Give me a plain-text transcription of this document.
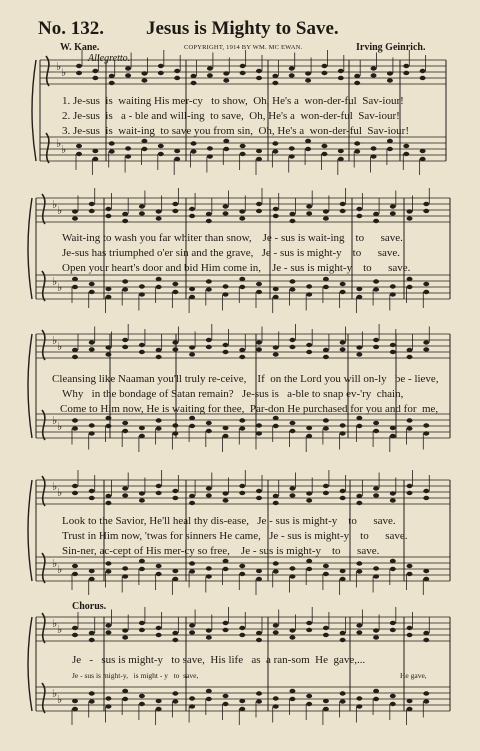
♭ ♭
♭ ♭
♭ ♭
♭ ♭
♭ ♭
♭ ♭
♭ ♭
♭ ♭
♭ ♭
♭ ♭
No. 132. Jesus is Mighty to Save.
W. Kane.	COPYRIGHT, 1914 BY WM. MC EWAN.	Irving Geinrich.
Allegretto.
1. Je-sus  is  waiting His mer-cy   to show,  Oh, He's a  won-der-ful  Sav-iour!
2. Je-sus  is   a - ble and will-ing  to save,  Oh, He's a  won-der-ful  Sav-iour!
3. Je-sus  is  wait-ing  to save you from sin,  Oh, He's a  won-der-ful  Sav-iour!
Wait-ing to wash you far whiter than snow,    Je - sus is wait-ing    to      save.
Je-sus has triumphed o'er sin and the grave,   Je - sus is might-y    to      save.
Open your heart's door and bid Him come in,    Je - sus is might-y    to      save.
Cleansing like Naaman you'll truly re-ceive,    If  on the Lord you will on-ly   be - lieve,
Why   in the bondage of Satan remain?   Je-sus is   a-ble to snap ev-'ry  chain,
Come to Him now, He is waiting for thee,  Par-don He purchased for you and for  me,
Look to the Savior, He'll heal thy dis-ease,   Je - sus is might-y    to      save.
Trust in Him now, 'twas for sinners He came,   Je - sus is might-y    to      save.
Sin-ner, ac-cept of His mer-cy so free,    Je - sus is might-y    to      save.
Chorus.
Je   -   sus is might-y   to save,  His life   as  a ran-som  He  gave,...
Je - sus is might-y,   is might - y   to  save,	He gave,
